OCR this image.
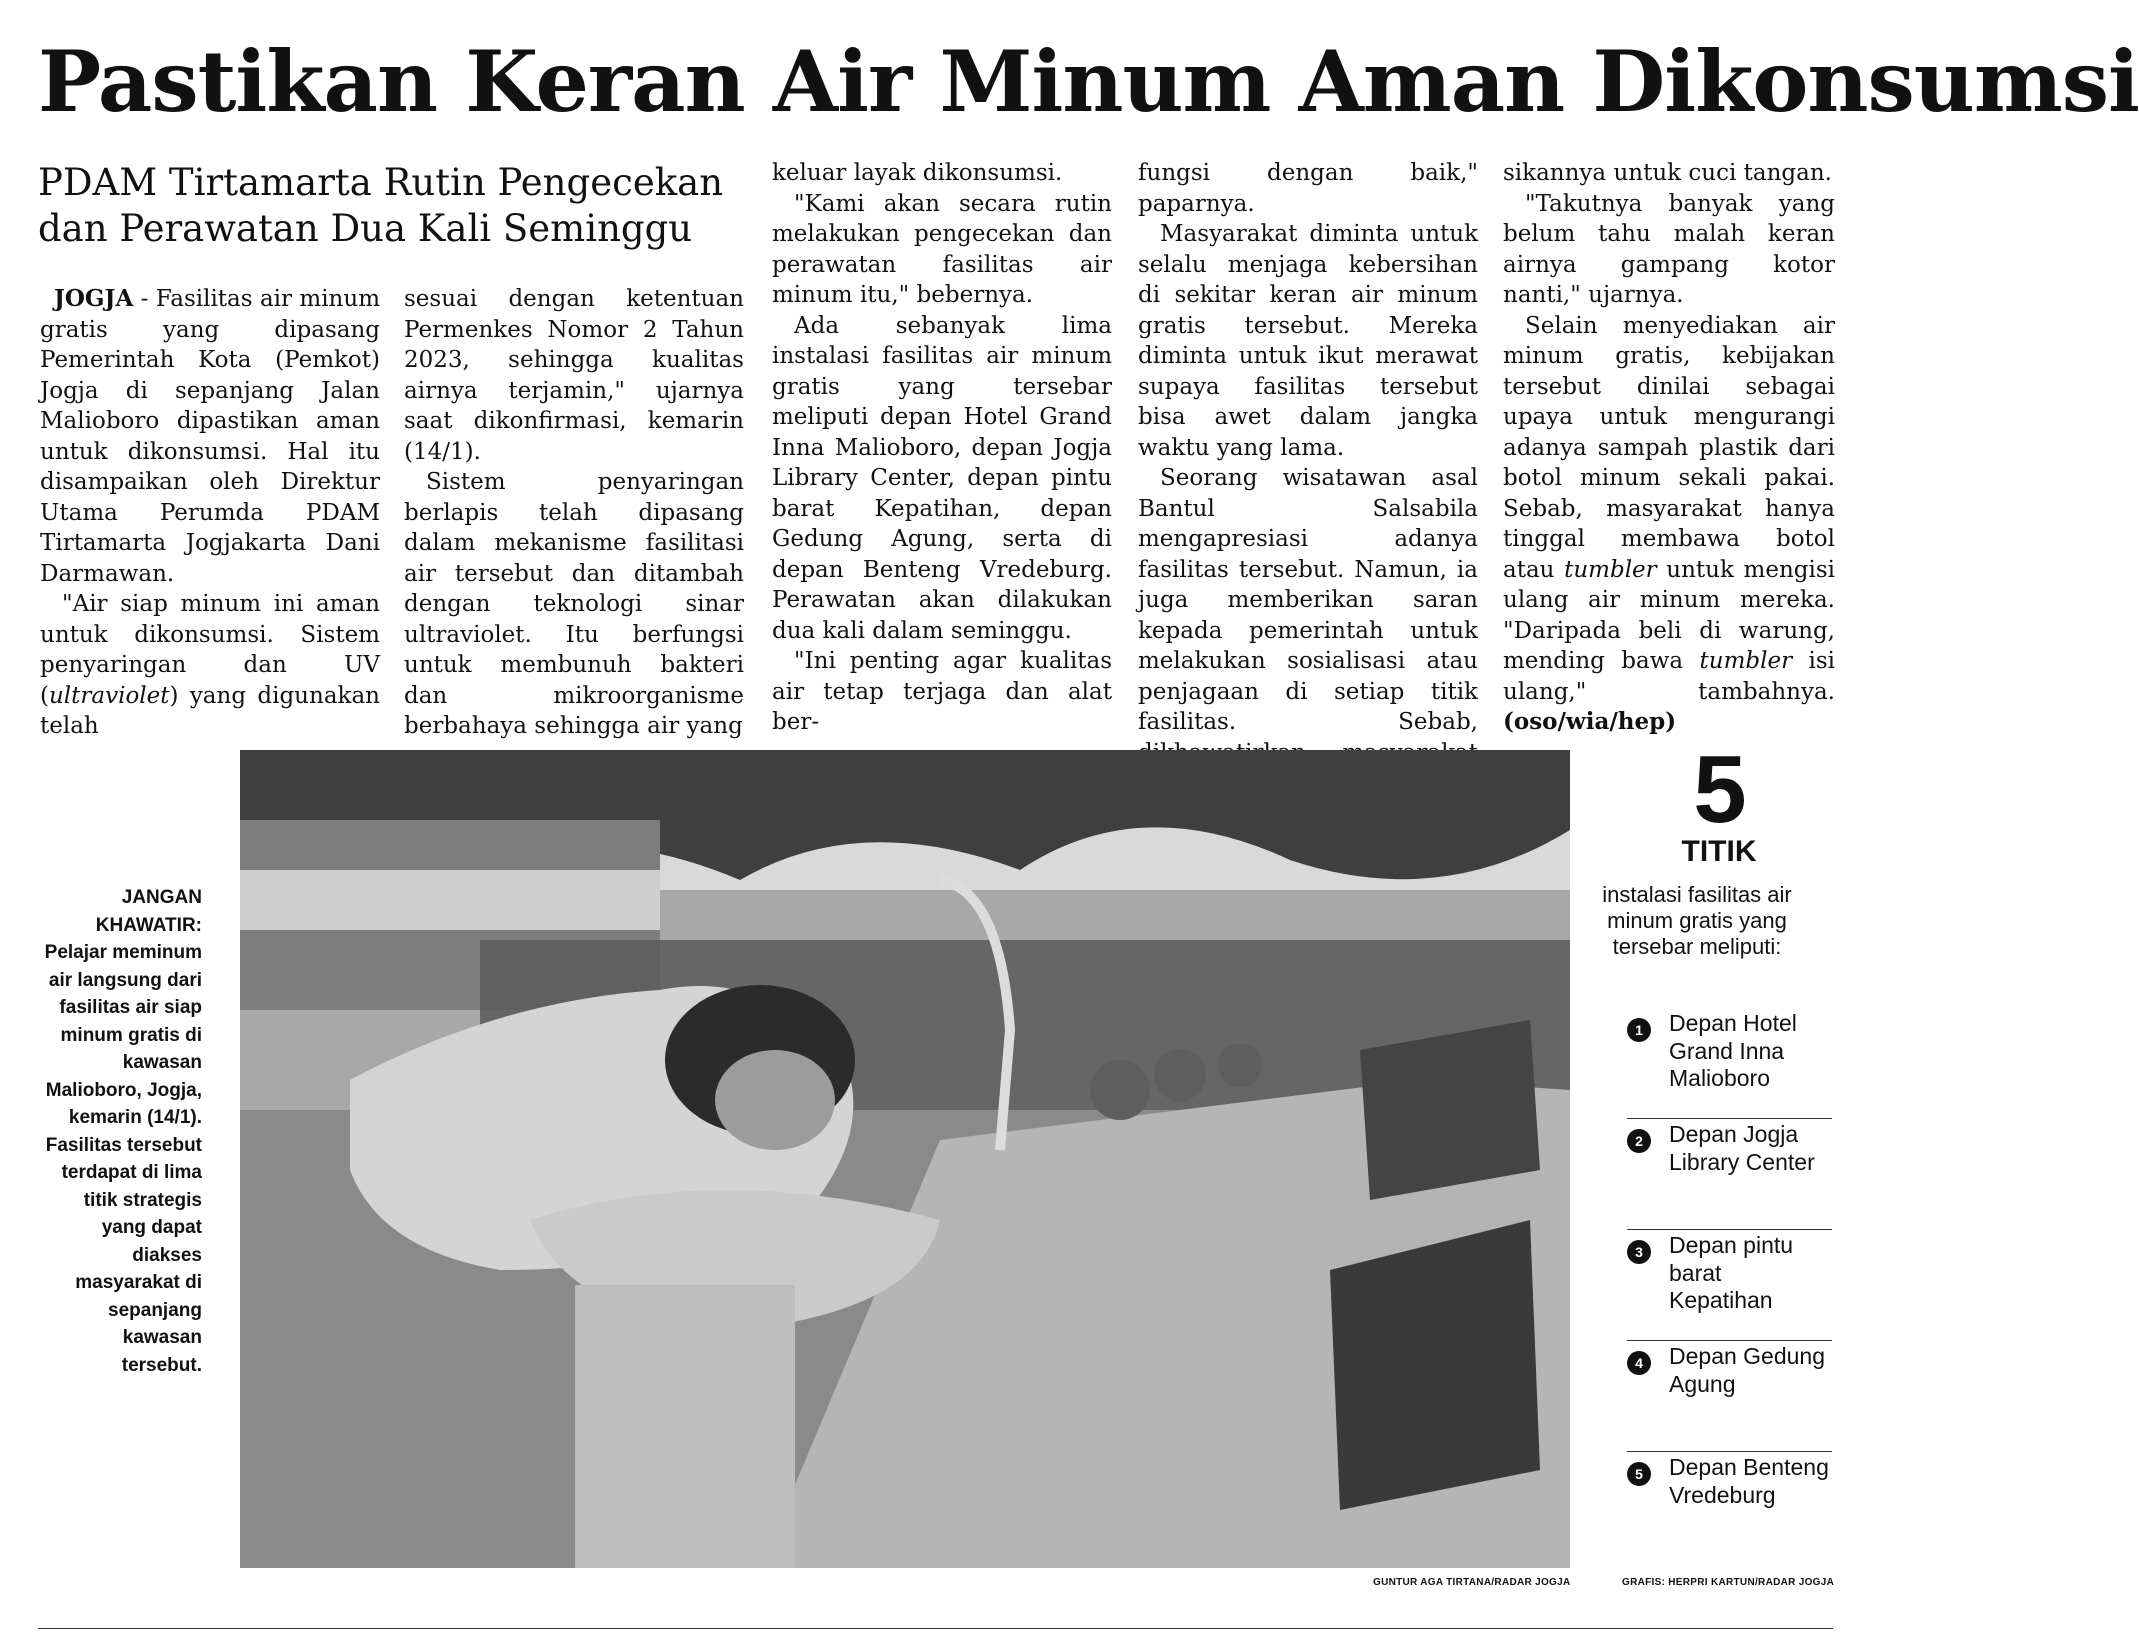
Pastikan Keran Air Minum Aman Dikonsumsi
PDAM Tirtamarta Rutin Pengecekan dan Perawatan Dua Kali Seminggu

JOGJA - Fasilitas air minum gratis yang dipasang Pemerintah Kota (Pemkot) Jogja di sepanjang Jalan Malioboro dipastikan aman untuk dikonsumsi. Hal itu disampaikan oleh Direktur Utama Perumda PDAM Tirtamarta Jogjakarta Dani Darmawan.

"Air siap minum ini aman untuk dikonsumsi. Sistem penyaringan dan UV (ultraviolet) yang digunakan telah

sesuai dengan ketentuan Permenkes Nomor 2 Tahun 2023, sehingga kualitas airnya terjamin," ujarnya saat dikonfirmasi, kemarin (14/1).

Sistem penyaringan berlapis telah dipasang dalam mekanisme fasilitasi air tersebut dan ditambah dengan teknologi sinar ultraviolet. Itu berfungsi untuk membunuh bakteri dan mikroorganisme berbahaya sehingga air yang

keluar layak dikonsumsi.

"Kami akan secara rutin melakukan pengecekan dan perawatan fasilitas air minum itu," bebernya.

Ada sebanyak lima instalasi fasilitas air minum gratis yang tersebar meliputi depan Hotel Grand Inna Malioboro, depan Jogja Library Center, depan pintu barat Kepatihan, depan Gedung Agung, serta di depan Benteng Vredeburg. Perawatan akan dilakukan dua kali dalam seminggu.

"Ini penting agar kualitas air tetap terjaga dan alat ber-

fungsi dengan baik," paparnya.

Masyarakat diminta untuk selalu menjaga kebersihan di sekitar keran air minum gratis tersebut. Mereka diminta untuk ikut merawat supaya fasilitas tersebut bisa awet dalam jangka waktu yang lama.

Seorang wisatawan asal Bantul Salsabila mengapresiasi adanya fasilitas tersebut. Namun, ia juga memberikan saran kepada pemerintah untuk melakukan sosialisasi atau penjagaan di setiap titik fasilitas. Sebab,

sikannya untuk cuci tangan.

"Takutnya banyak yang belum tahu malah keran airnya gampang kotor nanti," ujarnya.

Selain menyediakan air minum gratis, kebijakan tersebut dinilai sebagai upaya untuk mengurangi adanya sampah plastik dari botol minum sekali pakai. Sebab, masyarakat hanya tinggal membawa botol atau tumbler untuk mengisi ulang air minum mereka. "Daripada beli di warung, mending bawa tumbler isi ulang," tambahnya. (oso/wia/hep)

JANGAN KHAWATIR:
Pelajar meminum air langsung dari fasilitas air siap minum gratis di kawasan Malioboro, Jogja, kemarin (14/1). Fasilitas tersebut terdapat di lima titik strategis yang dapat diakses masyarakat di sepanjang kawasan tersebut.
GUNTUR AGA TIRTANA/RADAR JOGJA
5
TITIK
instalasi fasilitas air minum gratis yang tersebar meliputi:
1	Depan Hotel Grand Inna Malioboro
2	Depan Jogja Library Center
3	Depan pintu barat Kepatihan
4	Depan Gedung Agung
5	Depan Benteng Vredeburg
GRAFIS: HERPRI KARTUN/RADAR JOGJA
